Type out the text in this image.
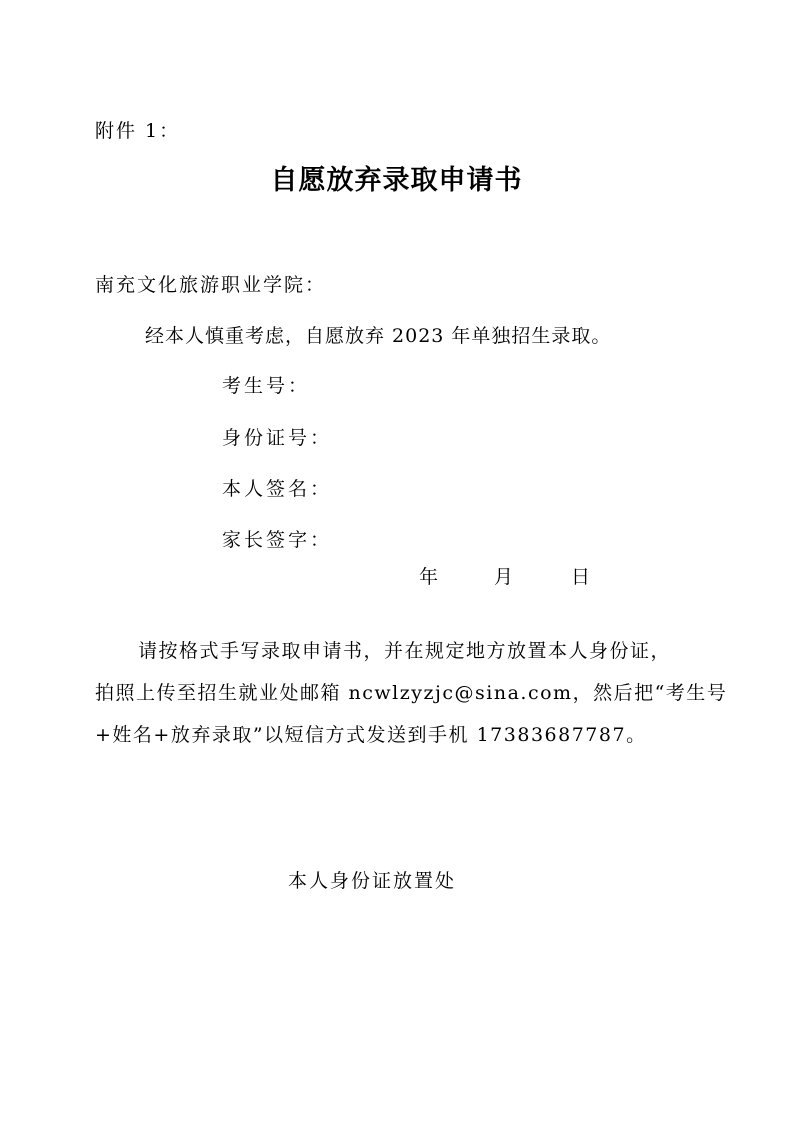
附件 1：
自愿放弃录取申请书
南充文化旅游职业学院：
经本人慎重考虑，自愿放弃 2023 年单独招生录取。
考生号：
身份证号：
本人签名：
家长签字：
年	月	日
请按格式手写录取申请书，并在规定地方放置本人身份证，
拍照上传至招生就业处邮箱 ncwlzyzjc@sina.com，然后把“考生号
+姓名+放弃录取”以短信方式发送到手机 17383687787。
本人身份证放置处
